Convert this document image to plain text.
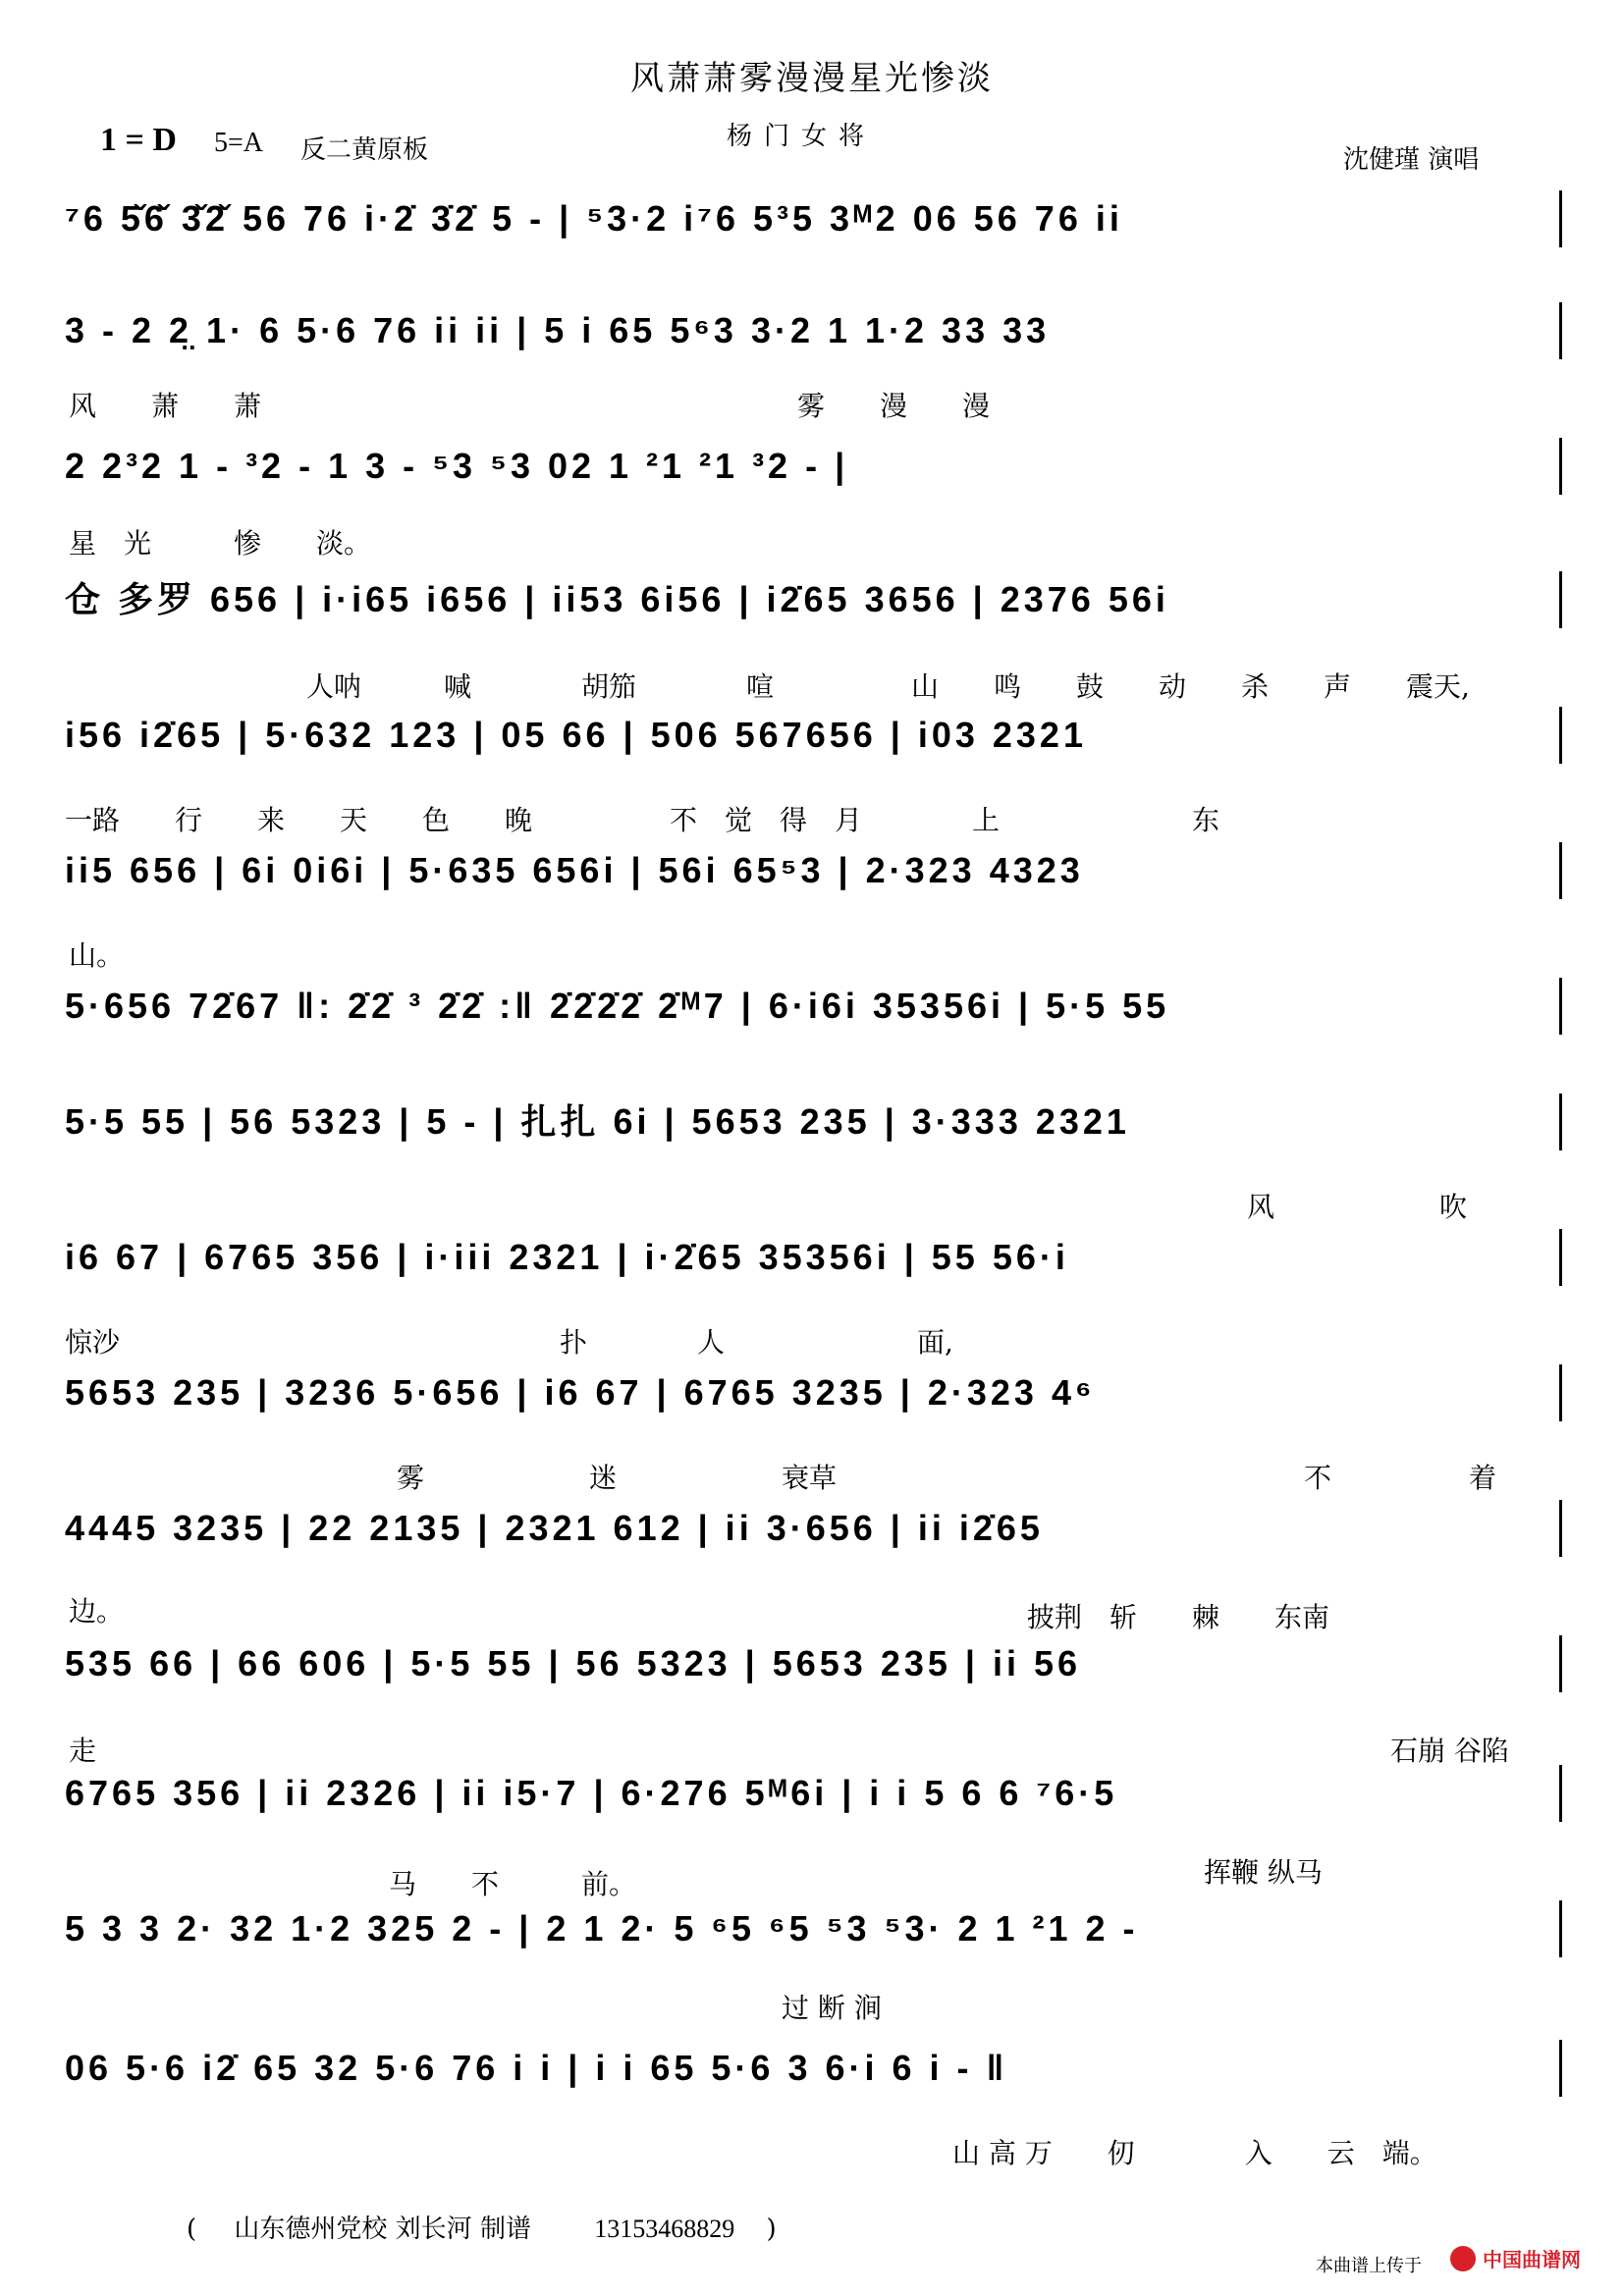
风萧萧雾漫漫星光惨淡
1 = D 5=A 反二黄原板	杨门女将
沈健瑾 演唱
⁷6 5̌6̌ 3̌2̌ 56 76 i·2̇ 3̇2̇ 5 - | ⁵3·2 i⁷6 5³5 3ᴹ2 06 56 76 ii
3 - 2 2̤ 1· 6 5·6 76 ii ii | 5 i 65 5⁶3 3·2 1 1·2 33 33
2 2³2 1 - ³2 - 1 3 - ⁵3 ⁵3 02 1 ²1 ²1 ³2 - |
仓 多罗 656 | i·i65 i656 | ii53 6i56 | i2̇65 3656 | 2376 56i
i56 i2̇65 | 5·632 123 | 05 66 | 506 567656 | i03 2321
ii5 656 | 6i 0i6i | 5·635 656i | 56i 65⁵3 | 2·323 4323
5·656 72̇67 ‖: 2̇2̇ ³ 2̇2̇ :‖ 2̇2̇2̇2̇ 2̇ᴹ7 | 6·i6i 35356i | 5·5 55
5·5 55 | 56 5323 | 5 - | 扎扎 6i | 5653 235 | 3·333 2321
i6 67 | 6765 356 | i·iii 2321 | i·2̇65 35356i | 55 56·i
5653 235 | 3236 5·656 | i6 67 | 6765 3235 | 2·323 4⁶
4445 3235 | 22 2135 | 2321 612 | ii 3·656 | ii i2̇65
535 66 | 66 606 | 5·5 55 | 56 5323 | 5653 235 | ii 56
6765 356 | ii 2326 | ii i5·7 | 6·276 5ᴹ6i | i i 5 6 6 ⁷6·5
5 3 3 2· 32 1·2 325 2 - | 2 1 2· 5 ⁶5 ⁶5 ⁵3 ⁵3· 2 1 ²1 2 -
06 5·6 i2̇ 65 32 5·6 76 i i | i i 65 5·6 3 6·i 6 i - ‖
风　　萧　　萧	雾　　漫　　漫
星　光　　　惨　　淡。
人呐　　　喊　　　　胡笳　　　　喧　　　　　山　　鸣　　鼓　　动　　杀　　声　　震天,
一路　　行　　来　　天　　色　　晚　　　　　不　觉　得　月　　　　上　　　　　　　东
山。
风　　　　　　吹
惊沙　　　　　　　　　　　　　　　　扑　　　　人　　　　　　　面,
雾　　　　　　迷　　　　　　衰草　　　　　　　　　　　　　　　　　不　　　　　着
边。	披荆　斩　　棘　　东南
走	石崩 谷陷
马　　不　　　前。	挥鞭 纵马
过 断 涧
山 高 万　　仞　　　　入　　云　端。
( 山东德州党校 刘长河 制谱 13153468829 )
本曲谱上传于	中国曲谱网
